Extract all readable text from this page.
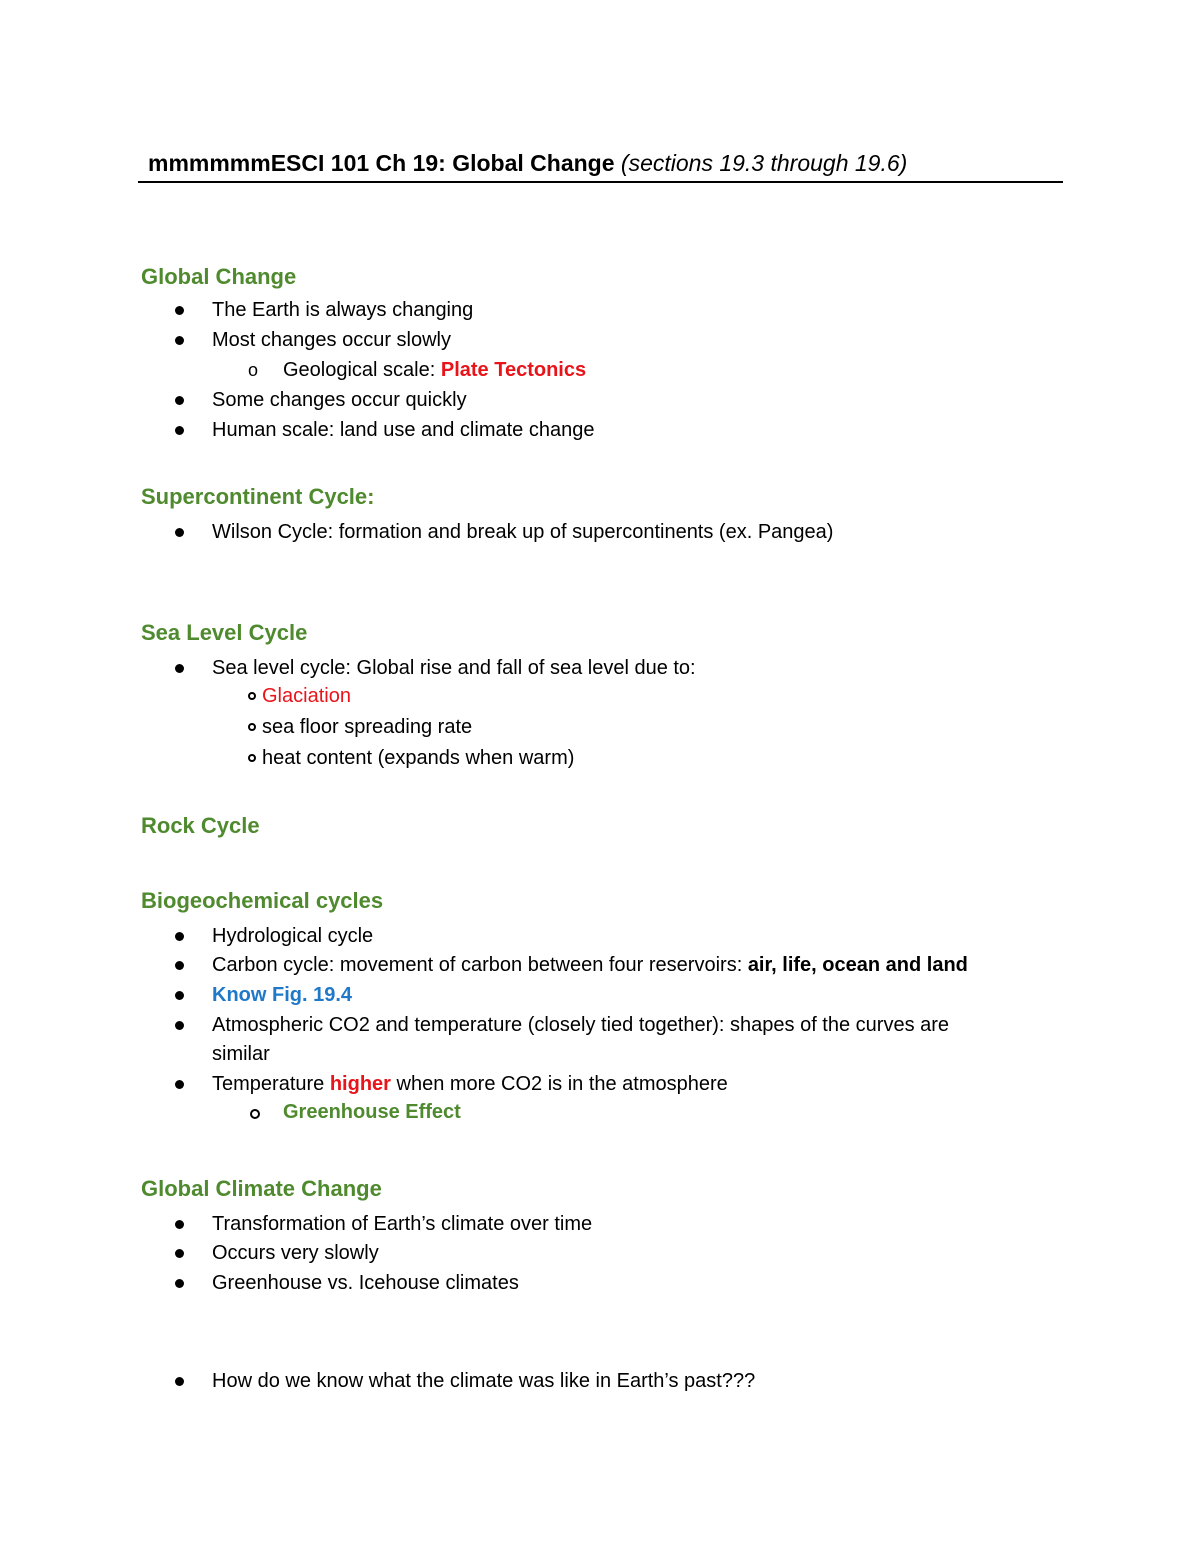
mmmmmmESCI 101 Ch 19: Global Change (sections 19.3 through 19.6)
Global Change
The Earth is always changing
Most changes occur slowly
o Geological scale: Plate Tectonics
Some changes occur quickly
Human scale: land use and climate change
Supercontinent Cycle:
Wilson Cycle: formation and break up of supercontinents (ex. Pangea)
Sea Level Cycle
Sea level cycle: Global rise and fall of sea level due to:
Glaciation
sea floor spreading rate
heat content (expands when warm)
Rock Cycle
Biogeochemical cycles
Hydrological cycle
Carbon cycle: movement of carbon between four reservoirs: air, life, ocean and land
Know Fig. 19.4
Atmospheric CO2 and temperature (closely tied together): shapes of the curves are
similar
Temperature higher when more CO2 is in the atmosphere
Greenhouse Effect
Global Climate Change
Transformation of Earth’s climate over time
Occurs very slowly
Greenhouse vs. Icehouse climates
How do we know what the climate was like in Earth’s past???
